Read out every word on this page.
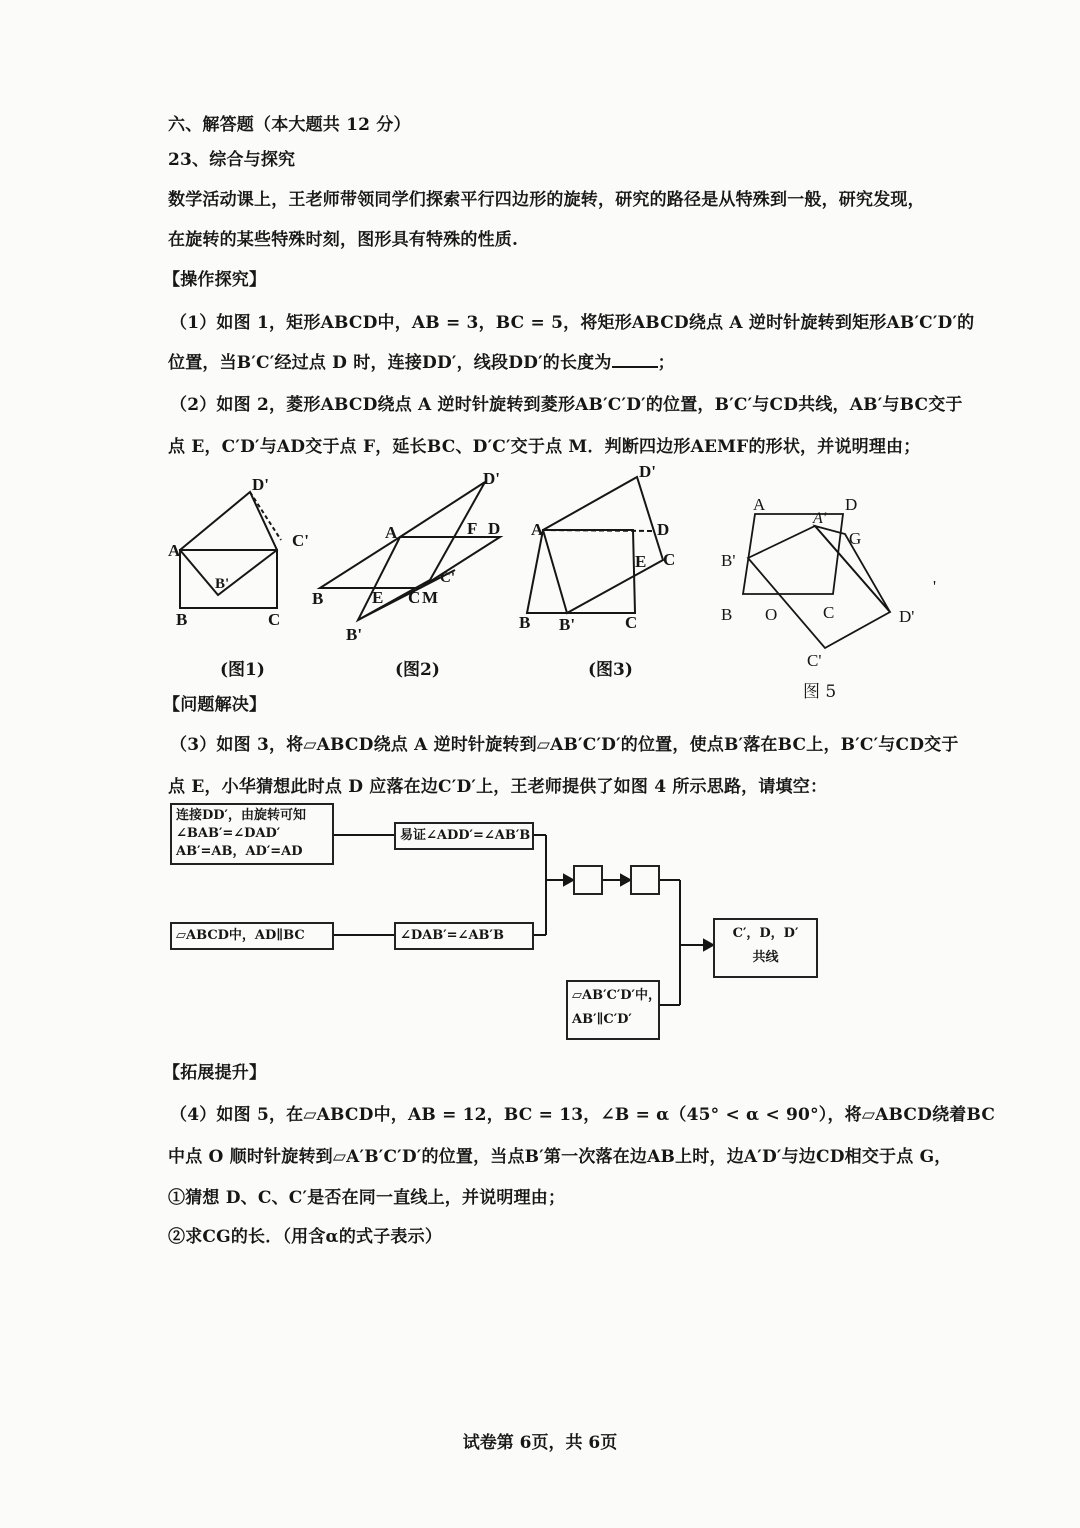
六、解答题（本大题共 12 分）
23、综合与探究
数学活动课上，王老师带领同学们探索平行四边形的旋转，研究的路径是从特殊到一般，研究发现，
在旋转的某些特殊时刻，图形具有特殊的性质.
【操作探究】
（1）如图 1，矩形ABCD中，AB = 3，BC = 5，将矩形ABCD绕点 A 逆时针旋转到矩形AB′C′D′的
位置，当B′C′经过点 D 时，连接DD′，线段DD′的长度为	；
（2）如图 2，菱形ABCD绕点 A 逆时针旋转到菱形AB′C′D′的位置，B′C′与CD共线，AB′与BC交于
点 E，C′D′与AD交于点 F，延长BC、D′C′交于点 M．判断四边形AEMF的形状，并说明理由；
D'
A
C'
B'
B	C
(图1)
D'
A	F D
C'
B	E C M
B'
(图2)
D'
A	D
E C
B B'	C
(图3)
A	D
A'
G
B'
B O	C	D'
C'
'
图 5
【问题解决】
（3）如图 3，将▱ABCD绕点 A 逆时针旋转到▱AB′C′D′的位置，使点B′落在BC上，B′C′与CD交于
点 E，小华猜想此时点 D 应落在边C′D′上，王老师提供了如图 4 所示思路，请填空：
连接DD′，由旋转可知
∠BAB′=∠DAD′
AB′=AB，AD′=AD
易证∠ADD′=∠AB′B
▱ABCD中，AD∥BC	∠DAB′=∠AB′B
▱AB′C′D′中，
AB′∥C′D′
C′，D，D′
共线
【拓展提升】
（4）如图 5，在▱ABCD中，AB = 12，BC = 13，∠B = α（45° < α < 90°），将▱ABCD绕着BC
中点 O 顺时针旋转到▱A′B′C′D′的位置，当点B′第一次落在边AB上时，边A′D′与边CD相交于点 G，
①猜想 D、C、C′是否在同一直线上，并说明理由；
②求CG的长．（用含α的式子表示）
试卷第 6页，共 6页
